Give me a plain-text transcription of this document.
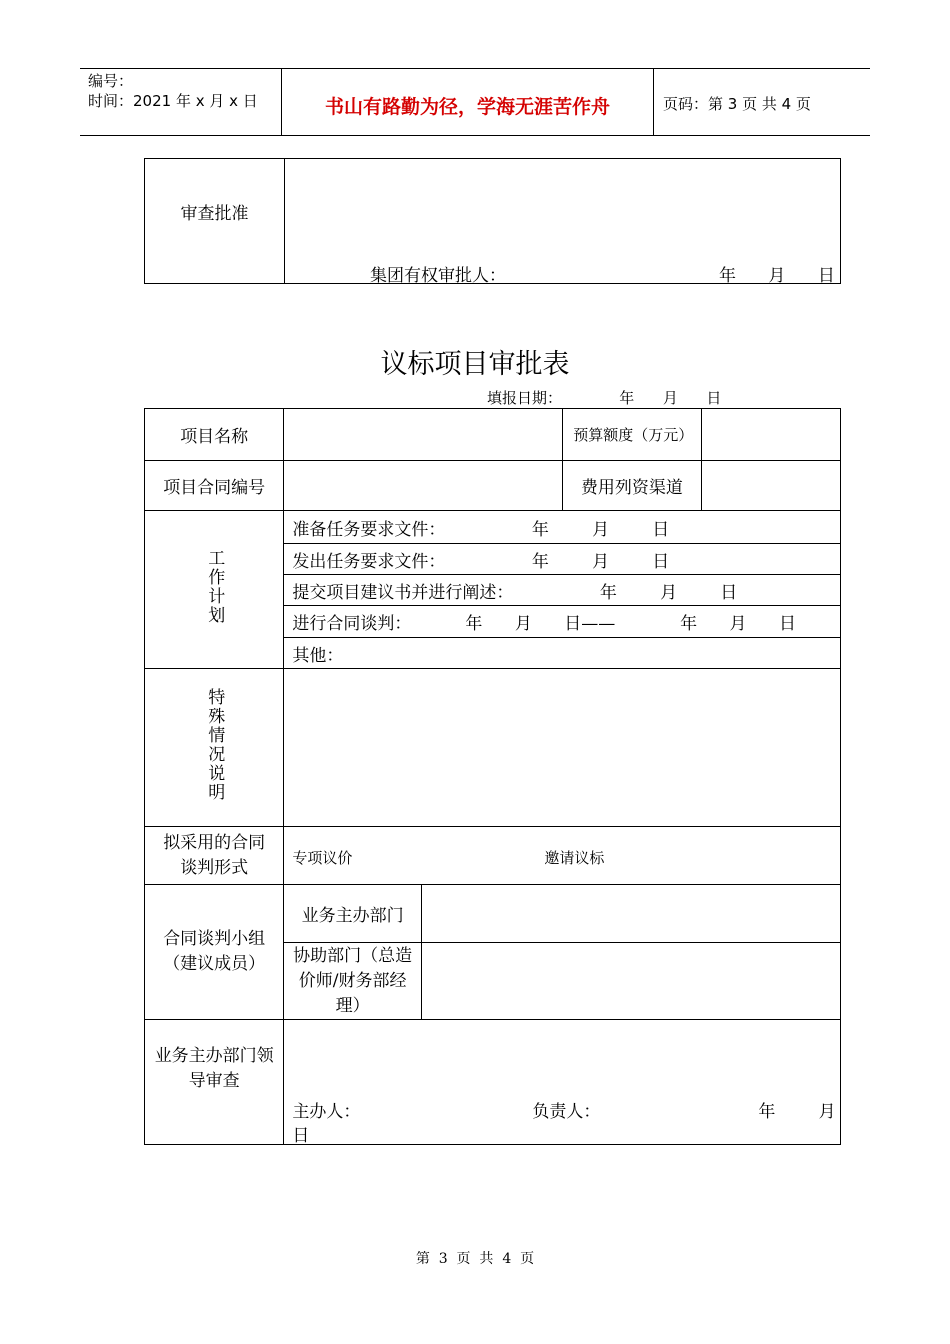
编号：
时间：2021 年 x 月 x 日	书山有路勤为径，学海无涯苦作舟	页码：第 3 页 共 4 页
审查批准

集团有权审批人：	年      月      日
议标项目审批表
填报日期：            年      月      日
项目名称			预算额度（万元）	
项目合同编号			费用列资渠道	
工作计划	准备任务要求文件：                年        月        日			
	发出任务要求文件：                年        月        日			
	提交项目建议书并进行阐述：                年        月        日			
	进行合同谈判：          年      月      日——            年      月      日			
	其他：			
特殊情况说明				
拟采用的合同谈判形式	专项议价 邀请议标			

合同谈判小组（建议成员）	业务主办部门			
	协助部门（总造价师/财务部经理）			

业务主办部门领导审查	主办人： 负责人： 年        月
日			
第  3  页  共  4  页
